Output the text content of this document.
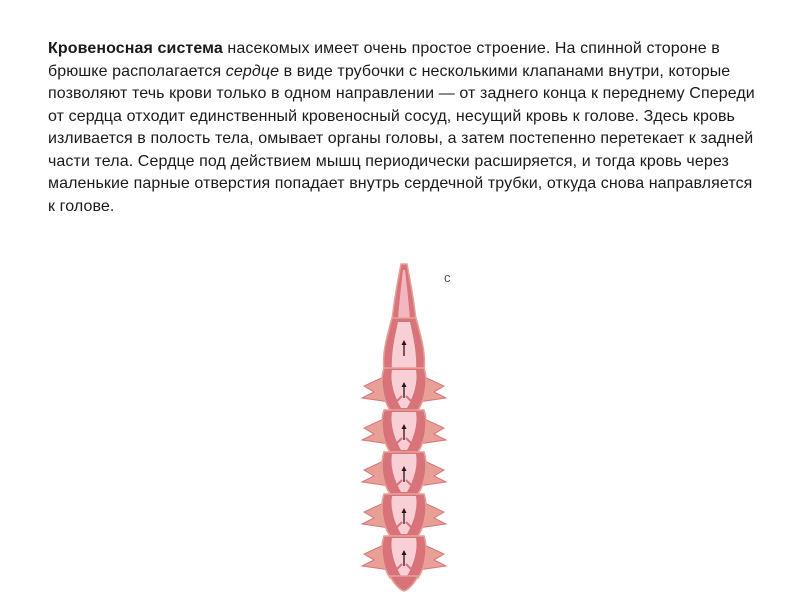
Кровеносная система насекомых имеет очень простое строение. На спинной стороне в брюшке располагается сердце в виде трубочки с несколькими клапанами внутри, которые позволяют течь крови только в одном направлении — от заднего конца к переднему Спереди от сердца отходит единственный кровеносный сосуд, несущий кровь к голове. Здесь кровь изливается в полость тела, омывает органы головы, а затем постепенно перетекает к задней части тела. Сердце под действием мышц периодически расширяется, и тогда кровь через маленькие парные отверстия попадает внутрь сердечной трубки, откуда снова направляется к голове.
c
